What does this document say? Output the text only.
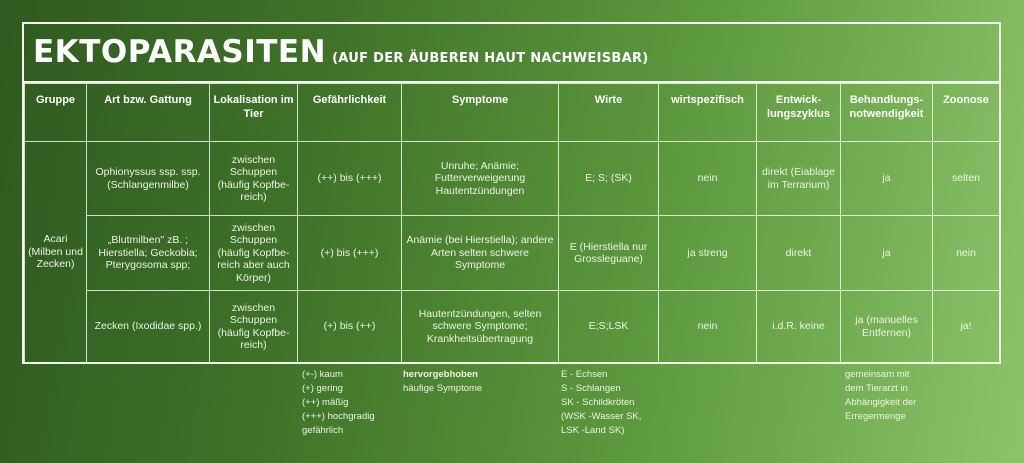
EKTOPARASITEN (AUF DER ÄUBEREN HAUT NACHWEISBAR)
Gruppe	Art bzw. Gattung	Lokalisation im Tier	Gefährlichkeit	Symptome	Wirte	wirtspezifisch	Entwick-lungszyklus	Behandlungs-notwendigkeit	Zoonose
Acari (Milben und Zecken)	Ophionyssus ssp. ssp. (Schlangenmilbe)	zwischen Schuppen (häufig Kopfbe-reich)	(++) bis (+++)	Unruhe; Anämie; Futterverweigerung Hautentzündungen	E; S; (SK)	nein	direkt (Eiablage im Terrarium)	ja	selten
	„Blutmilben" zB. ; Hierstiella; Geckobia; Pterygosoma spp;	zwischen Schuppen (häufig Kopfbe-reich aber auch Körper)	(+) bis (+++)	Anämie (bei Hierstiella); andere Arten selten schwere Symptome	E (Hierstiella nur Grossleguane)	ja streng	direkt	ja	nein
	Zecken (Ixodidae spp.)	zwischen Schuppen (häufig Kopfbe-reich)	(+) bis (++)	Hautentzündungen, selten schwere Symptome; Krankheitsübertragung	E;S;LSK	nein	i.d.R. keine	ja (manuelles Entfernen)	ja!
(+-) kaum
(+) gering
(++) mäßig
(+++) hochgradig
gefährlich
hervorgebhoben
häufige Symptome
E - Echsen
S - Schlangen
SK - Schildkröten
(WSK -Wasser SK,
LSK -Land SK)
gemeinsam mit
dem Tierarzt in
Abhängigkeit der
Erregermenge
